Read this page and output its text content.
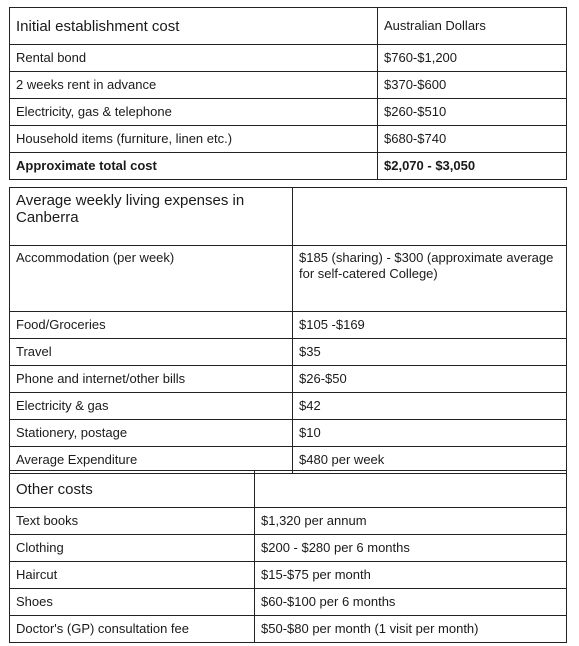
Initial establishment cost	Australian Dollars
Rental bond	$760-$1,200
2 weeks rent in advance	$370-$600
Electricity, gas & telephone	$260-$510
Household items (furniture, linen etc.)	$680-$740
Approximate total cost	$2,070 - $3,050
Average weekly living expenses in Canberra	
Accommodation (per week)	$185 (sharing) - $300 (approximate average for self-catered College)
Food/Groceries	$105 -$169
Travel	$35
Phone and internet/other bills	$26-$50
Electricity & gas	$42
Stationery, postage	$10
Average Expenditure	$480 per week
Other costs	
Text books	$1,320 per annum
Clothing	$200 - $280 per 6 months
Haircut	$15-$75 per month
Shoes	$60-$100 per 6 months
Doctor's (GP) consultation fee	$50-$80 per month (1 visit per month)
